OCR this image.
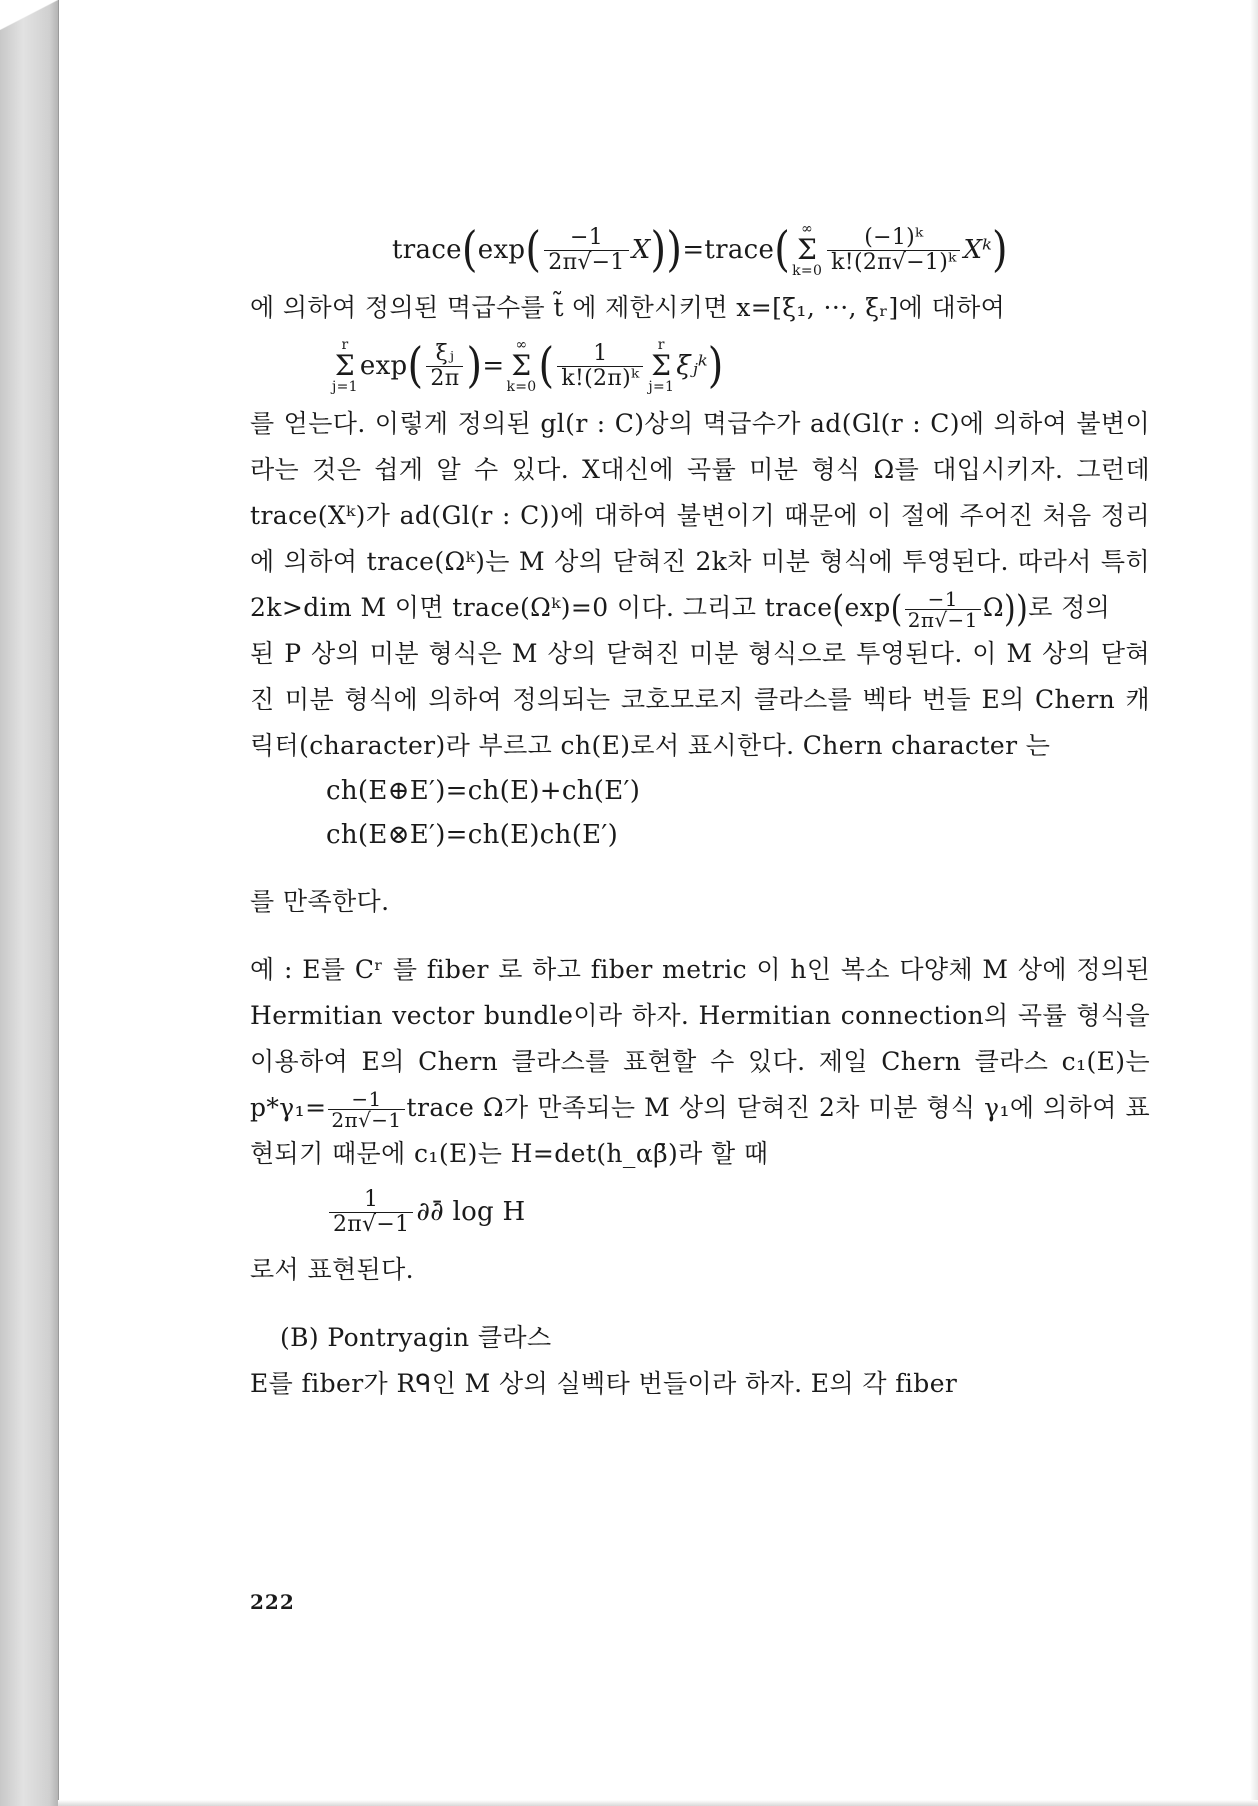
trace ( exp ( $\frac{-1}{2\pi√-1}$ X ) ) =trace ( ∞
Σ
$k=0 \frac{\text{(−1)ᵏ}}{\text{k!(2π√−1)ᵏ}}$ Xᵏ )

에 의하여 정의된 멱급수를 t̃ 에 제한시키면 x=[ξ₁, ···, ξᵣ]에 대하여

r
Σ
j=1
exp ( $\frac{\text{ξⱼ}}{2\pi}$ ) =
∞
Σ
k=0 ( $\frac{1}{\text{k!(2π)ᵏ}}$ r
Σ
j=1
ξⱼᵏ )

를 얻는다. 이렇게 정의된 gl(r : C)상의 멱급수가 ad(Gl(r : C)에 의하여 불변이라는 것은 쉽게 알 수 있다. X대신에 곡률 미분 형식 Ω를 대입시키자. 그런데 trace(Xᵏ)가 ad(Gl(r : C))에 대하여 불변이기 때문에 이 절에 주어진 처음 정리에 의하여 trace(Ωᵏ)는 M 상의 닫혀진 2k차 미분 형식에 투영된다. 따라서 특히 2k>dim M 이면 trace(Ωᵏ)=0 이다. 그리고 trace(exp( $\frac{-1}{2\pi√-1} \Omega$))로 정의

된 P 상의 미분 형식은 M 상의 닫혀진 미분 형식으로 투영된다. 이 M 상의 닫혀진 미분 형식에 의하여 정의되는 코호모로지 클라스를 벡타 번들 E의 Chern 캐릭터(character)라 부르고 ch(E)로서 표시한다. Chern character 는

ch(E⊕E′)=ch(E)+ch(E′)
ch(E⊗E′)=ch(E)ch(E′)

를 만족한다.

예 : E를 Cʳ 를 fiber 로 하고 fiber metric 이 h인 복소 다양체 M 상에 정의된 Hermitian vector bundle이라 하자. Hermitian connection의 곡률 형식을 이용하여 E의 Chern 클라스를 표현할 수 있다. 제일 Chern 클라스 c₁(E)는 $p*\gamma_1= \frac{-1}{2\pi√-1}$ trace Ω가 만족되는 M 상의 닫혀진 2차 미분 형식 γ₁에 의하여 표현되기 때문에 c₁(E)는 H=det(h_αβ̄)라 할 때

$\frac{1}{2\pi√-1}$ ∂∂̄ log H

로서 표현된다.

(B) Pontryagin 클라스

E를 fiber가 Rᑫ인 M 상의 실벡타 번들이라 하자. E의 각 fiber

222
